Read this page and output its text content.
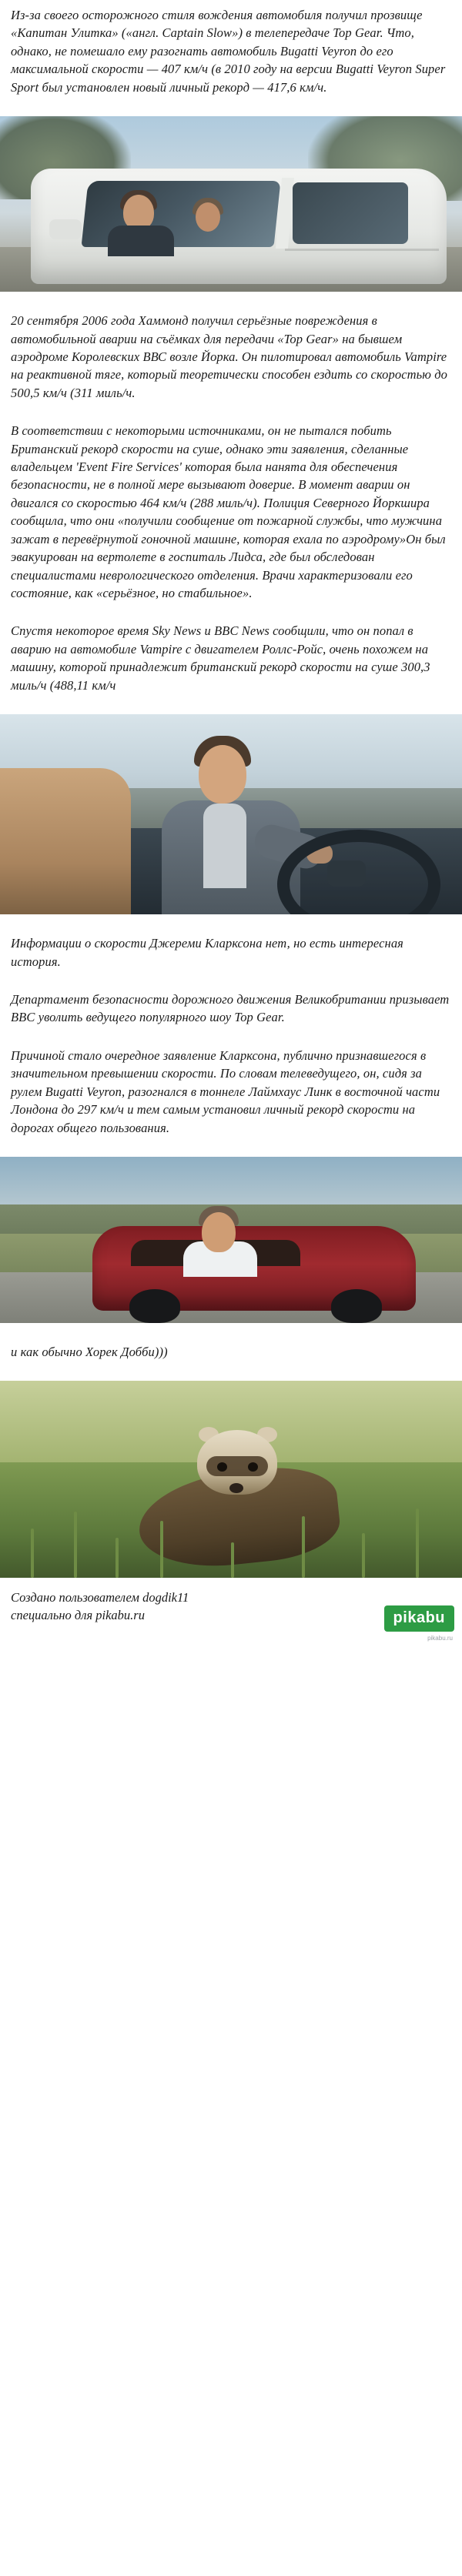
Из-за своего осторожного стиля вождения автомобиля получил прозвище «Капитан Улитка» («англ. Captain Slow») в телепередаче Top Gear. Что, однако, не помешало ему разогнать автомобиль Bugatti Veyron до его максимальной скорости — 407 км/ч (в 2010 году на версии Bugatti Veyron Super Sport был установлен новый личный рекорд — 417,6 км/ч.
20 сентября 2006 года Хаммонд получил серьёзные повреждения в автомобильной аварии на съёмках для передачи «Top Gear» на бывшем аэродроме Королевских ВВС возле Йорка. Он пилотировал автомобиль Vampire на реактивной тяге, который теоретически способен ездить со скоростью до 500,5 км/ч (311 миль/ч.
В соответствии с некоторыми источниками, он не пытался побить Британский рекорд скорости на суше, однако эти заявления, сделанные владельцем 'Event Fire Services' которая была нанята для обеспечения безопасности, не в полной мере вызывают доверие. В момент аварии он двигался со скоростью 464 км/ч (288 миль/ч). Полиция Северного Йоркшира сообщила, что они «получили сообщение от пожарной службы, что мужчина зажат в перевёрнутой гоночной машине, которая ехала по аэродрому»Он был эвакуирован на вертолете в госпиталь Лидса, где был обследован специалистами неврологического отделения. Врачи характеризовали его состояние, как «серьёзное, но стабильное».
Спустя некоторое время Sky News и BBC News сообщили, что он попал в аварию на автомобиле Vampire с двигателем Роллс-Ройс, очень похожем на машину, которой принадлежит британский рекорд скорости на суше 300,3 миль/ч (488,11 км/ч
Информации о скорости Джереми Кларксона нет, но есть интересная история.
Департамент безопасности дорожного движения Великобритании призывает BBC уволить ведущего популярного шоу Top Gear.
Причиной стало очередное заявление Кларксона, публично признавшегося в значительном превышении скорости. По словам телеведущего, он, сидя за рулем Bugatti Veyron, разогнался в тоннеле Лаймхаус Линк в восточной части Лондона до 297 км/ч и тем самым установил личный рекорд скорости на дорогах общего пользования.
и как обычно Хорек Добби)))
Создано пользователем dogdik11
специально для pikabu.ru	pikabu
pikabu.ru
